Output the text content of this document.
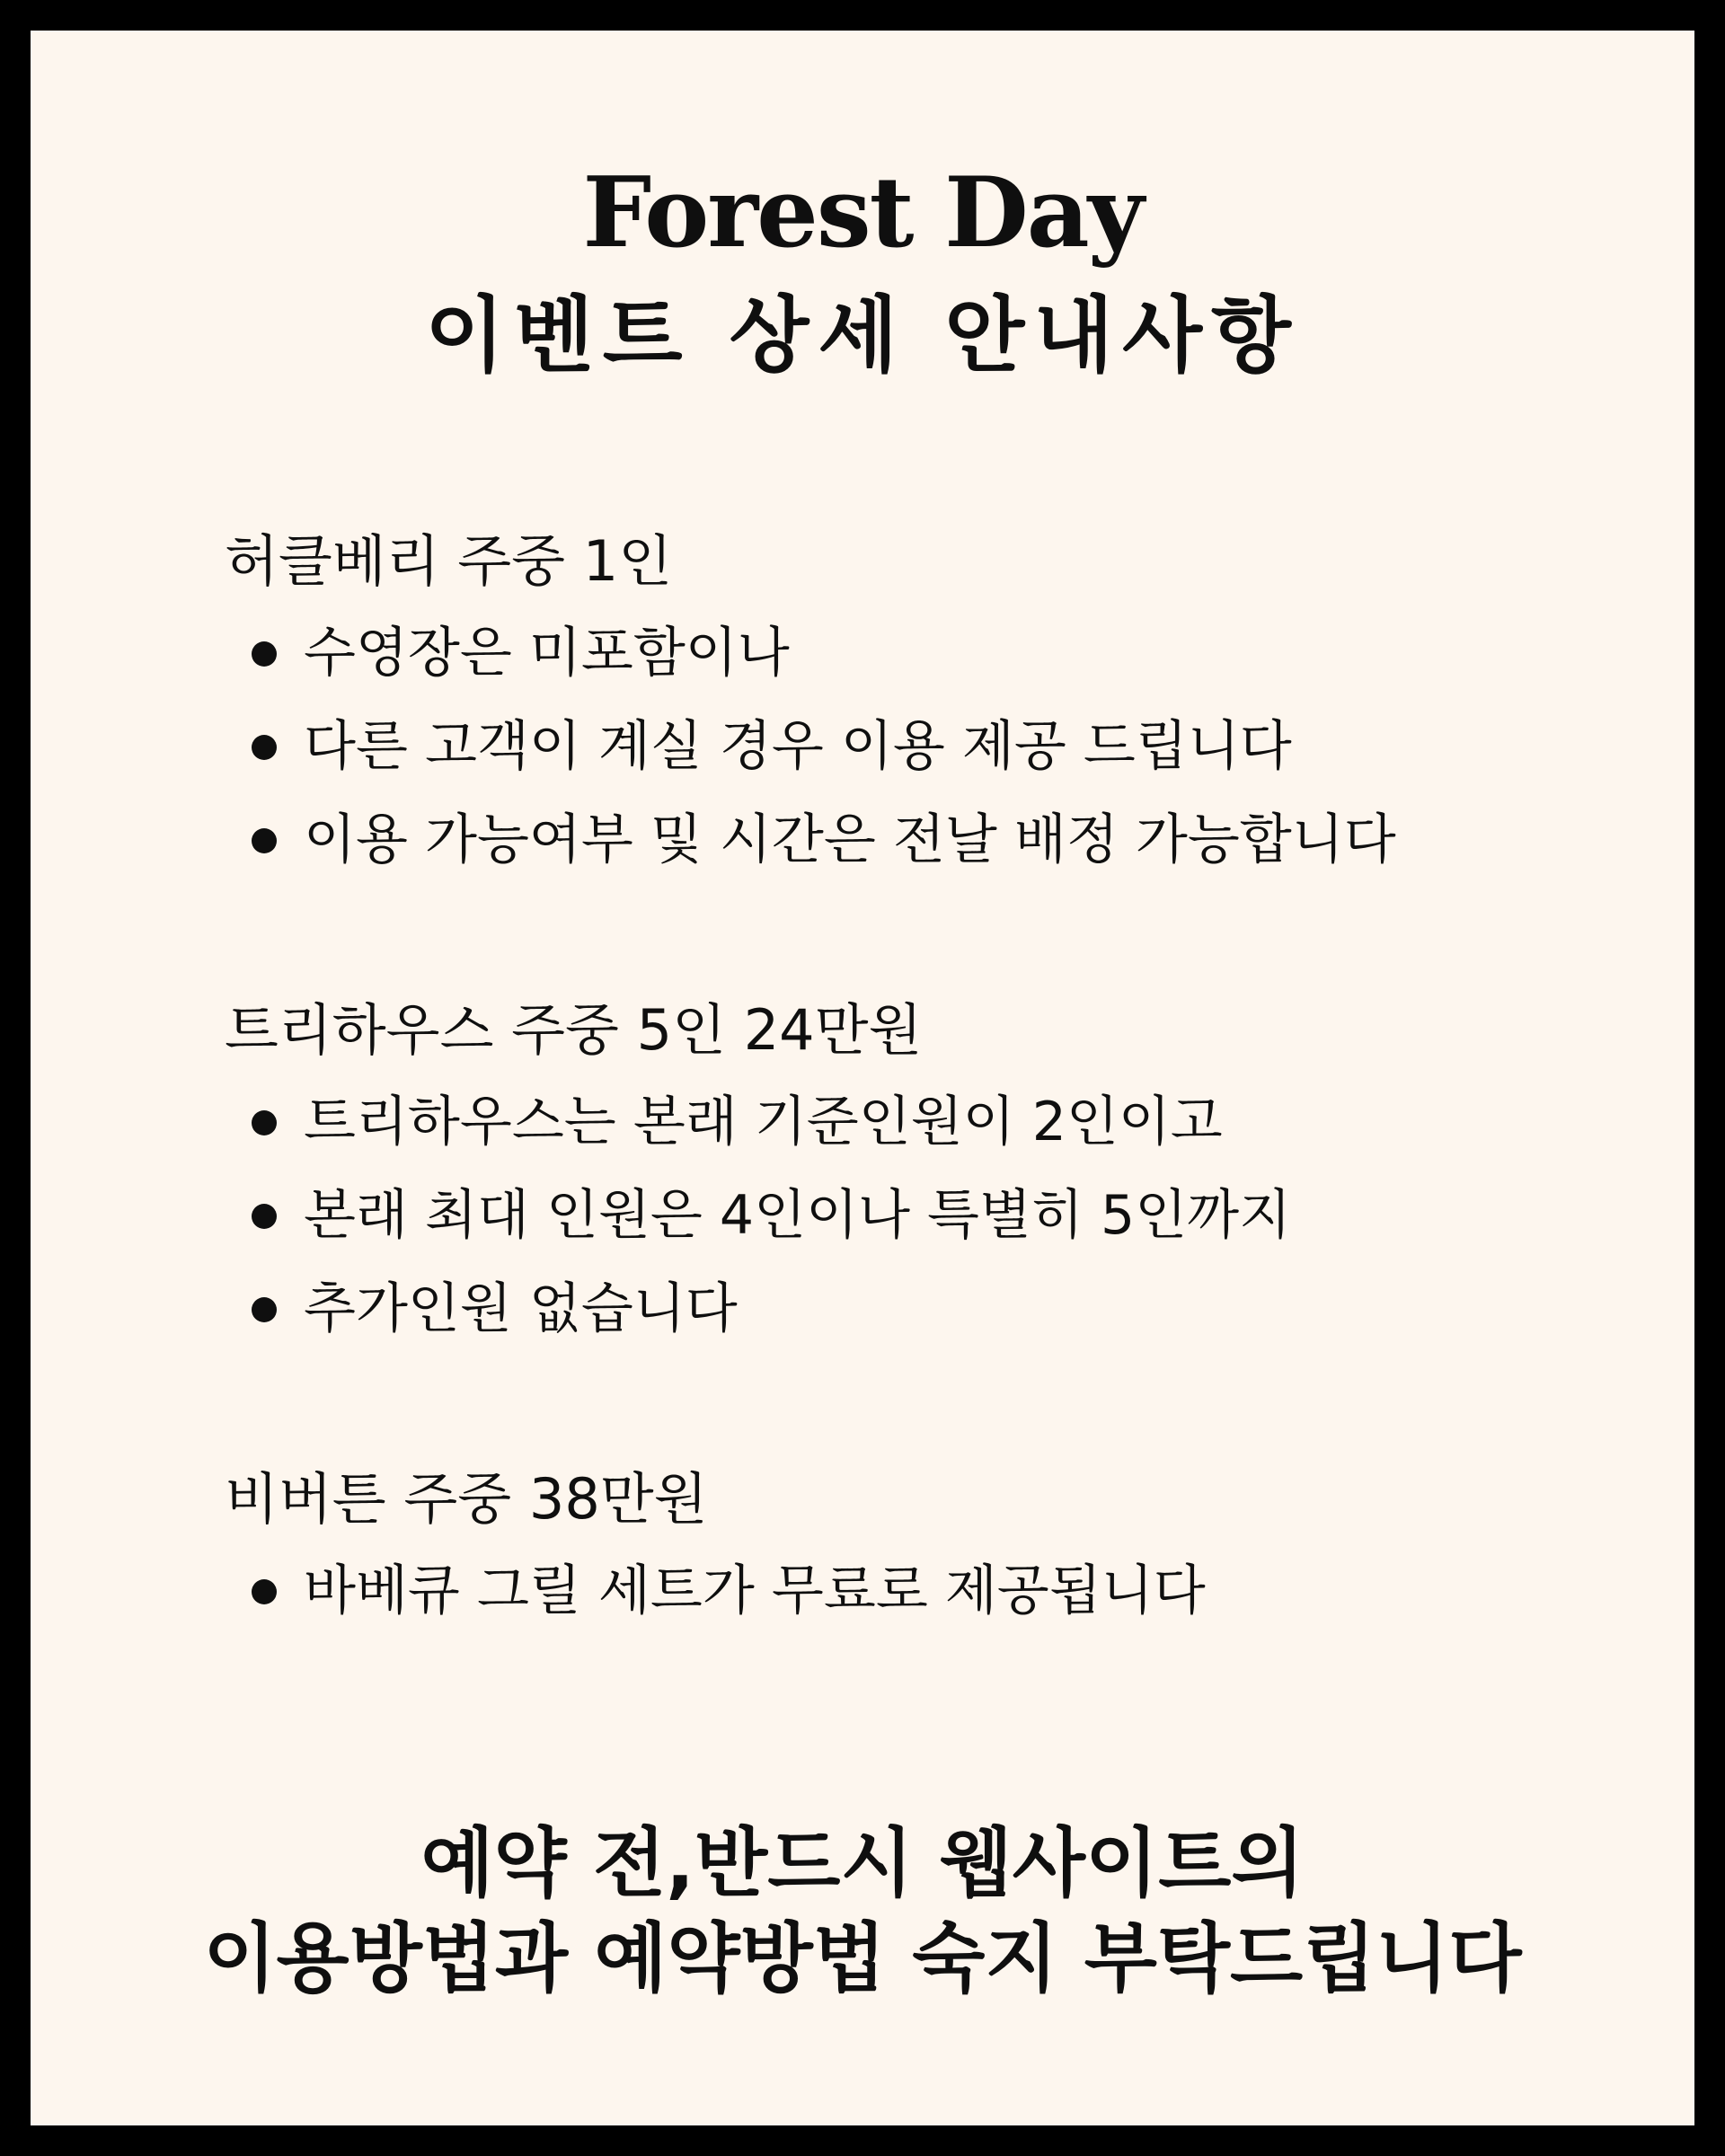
Forest Day
이벤트 상세 안내사항
허클베리 주중 1인
수영장은 미포함이나
다른 고객이 계실 경우 이용 제공 드립니다
이용 가능여부 및 시간은 전날 배정 가능합니다
트리하우스 주중 5인 24만원
트리하우스는 본래 기준인원이 2인이고
본래 최대 인원은 4인이나 특별히 5인까지
추가인원 없습니다
비버튼 주중 38만원
바베큐 그릴 세트가 무료로 제공됩니다

예약 전,반드시 웹사이트의

이용방법과 예약방법 숙지 부탁드립니다
